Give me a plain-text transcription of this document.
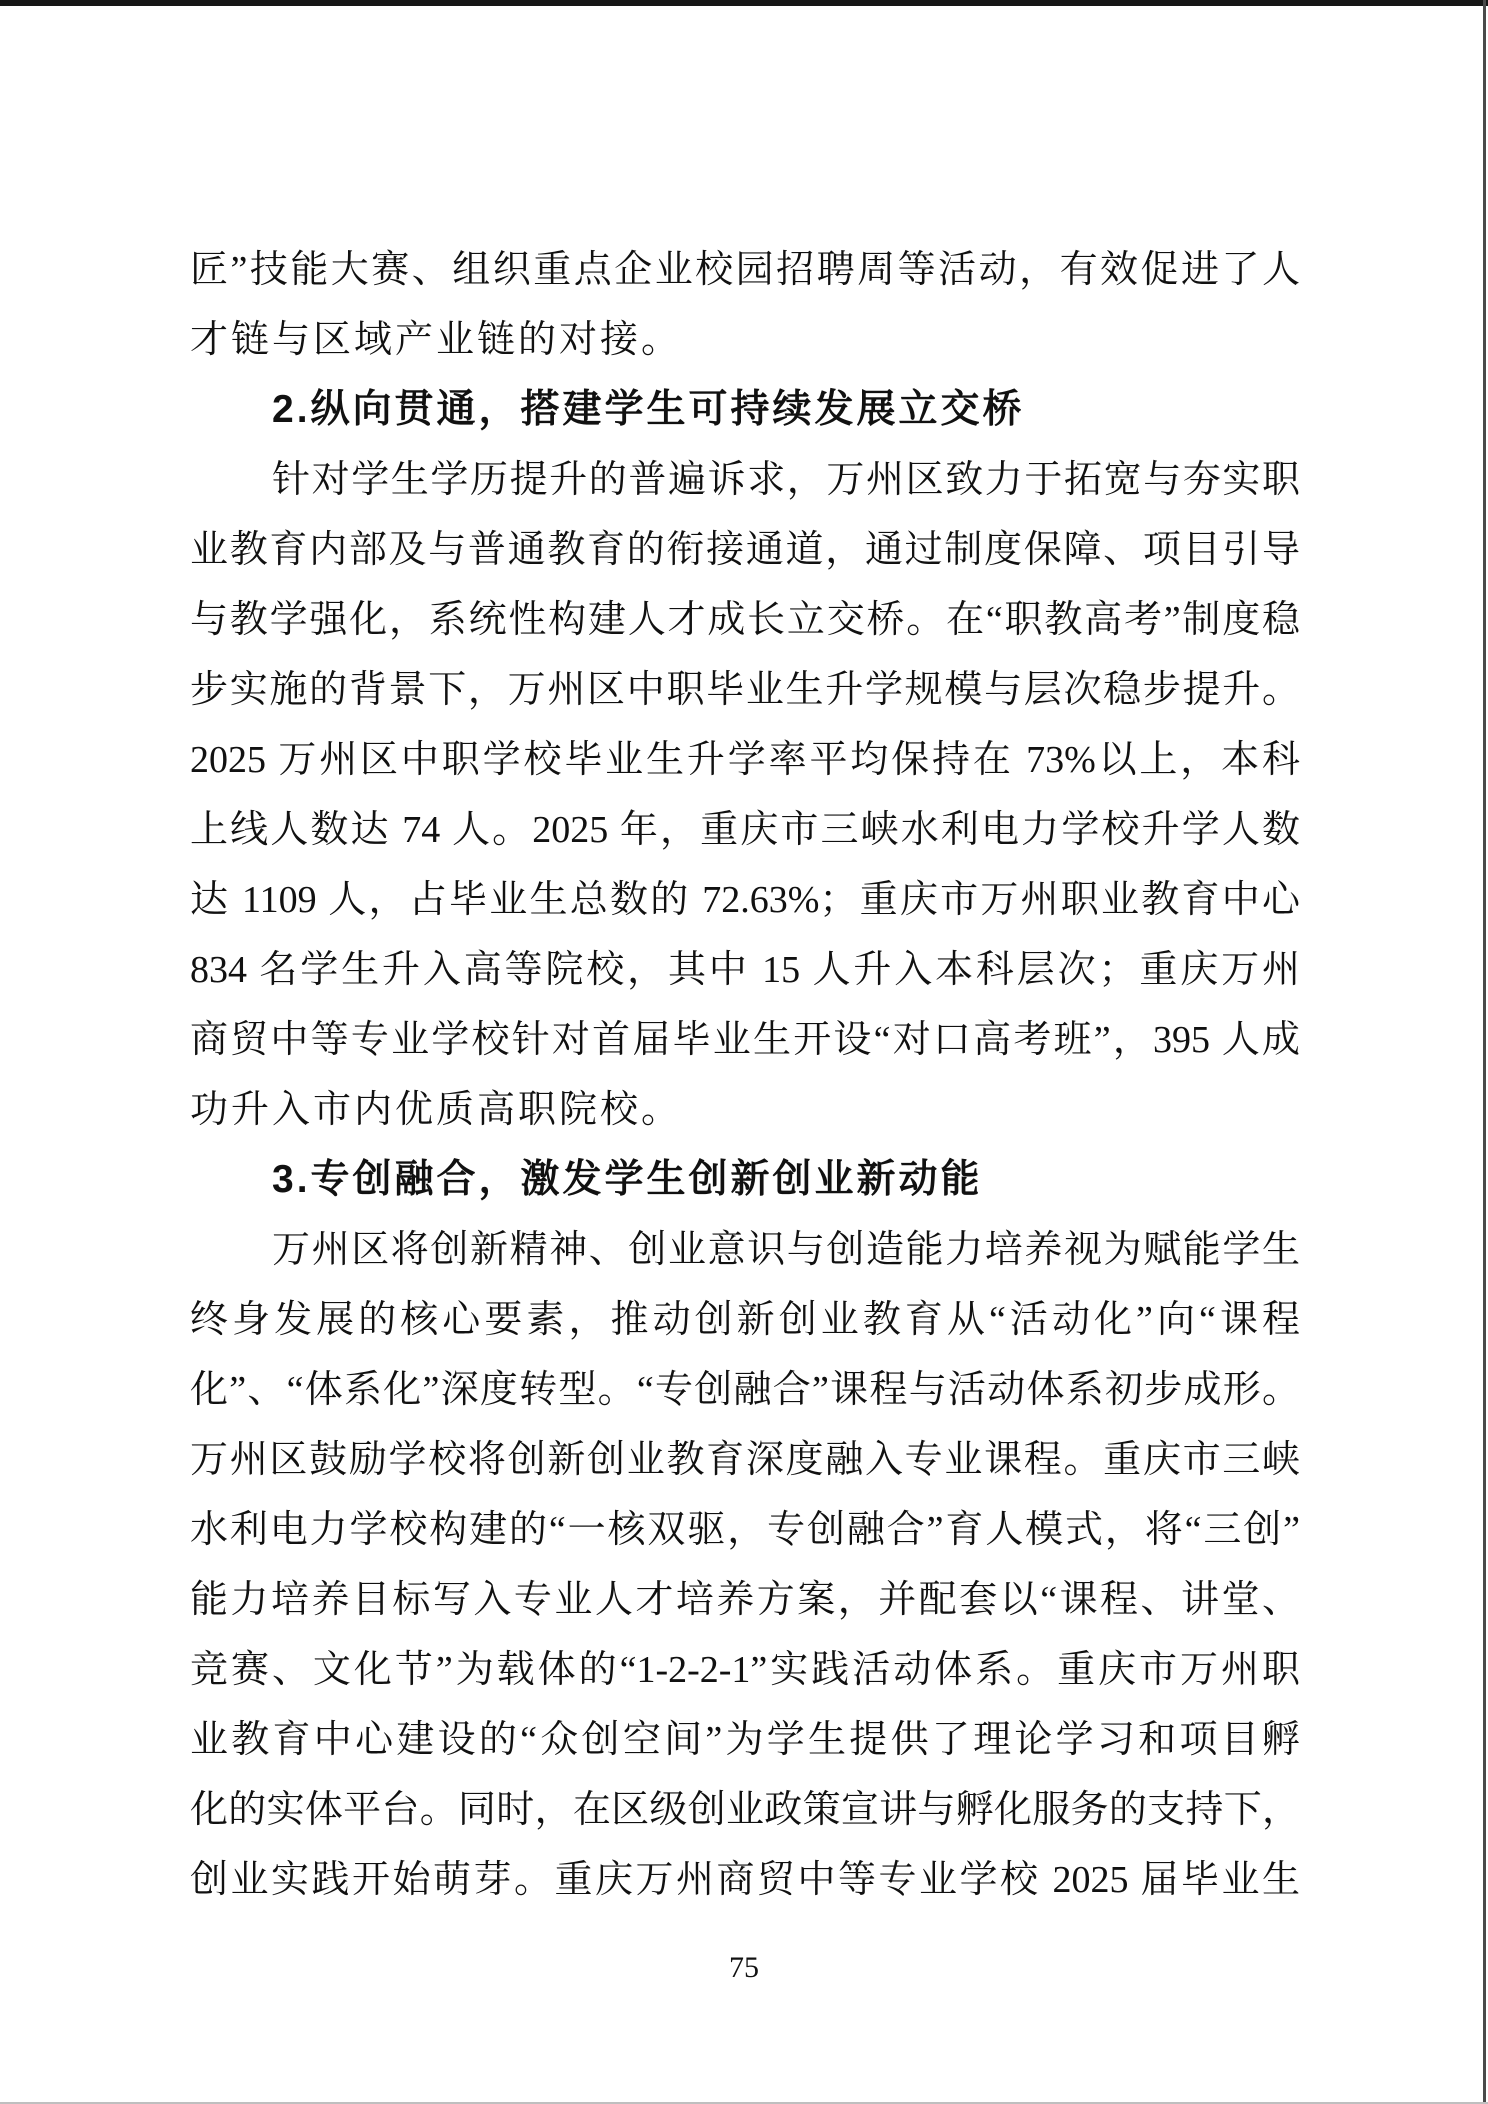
匠”技能大赛、组织重点企业校园招聘周等活动，有效促进了人
才链与区域产业链的对接。
2.纵向贯通，搭建学生可持续发展立交桥
针对学生学历提升的普遍诉求，万州区致力于拓宽与夯实职
业教育内部及与普通教育的衔接通道，通过制度保障、项目引导
与教学强化，系统性构建人才成长立交桥。在“职教高考”制度稳
步实施的背景下，万州区中职毕业生升学规模与层次稳步提升。
2025 万州区中职学校毕业生升学率平均保持在 73%以上，本科
上线人数达 74 人。2025 年，重庆市三峡水利电力学校升学人数
达 1109 人，占毕业生总数的 72.63%；重庆市万州职业教育中心
834 名学生升入高等院校，其中 15 人升入本科层次；重庆万州
商贸中等专业学校针对首届毕业生开设“对口高考班”，395 人成
功升入市内优质高职院校。
3.专创融合，激发学生创新创业新动能
万州区将创新精神、创业意识与创造能力培养视为赋能学生
终身发展的核心要素，推动创新创业教育从“活动化”向“课程
化”、“体系化”深度转型。“专创融合”课程与活动体系初步成形。
万州区鼓励学校将创新创业教育深度融入专业课程。重庆市三峡
水利电力学校构建的“一核双驱，专创融合”育人模式，将“三创”
能力培养目标写入专业人才培养方案，并配套以“课程、讲堂、
竞赛、文化节”为载体的“1-2-2-1”实践活动体系。重庆市万州职
业教育中心建设的“众创空间”为学生提供了理论学习和项目孵
化的实体平台。同时，在区级创业政策宣讲与孵化服务的支持下，
创业实践开始萌芽。重庆万州商贸中等专业学校 2025 届毕业生
75
